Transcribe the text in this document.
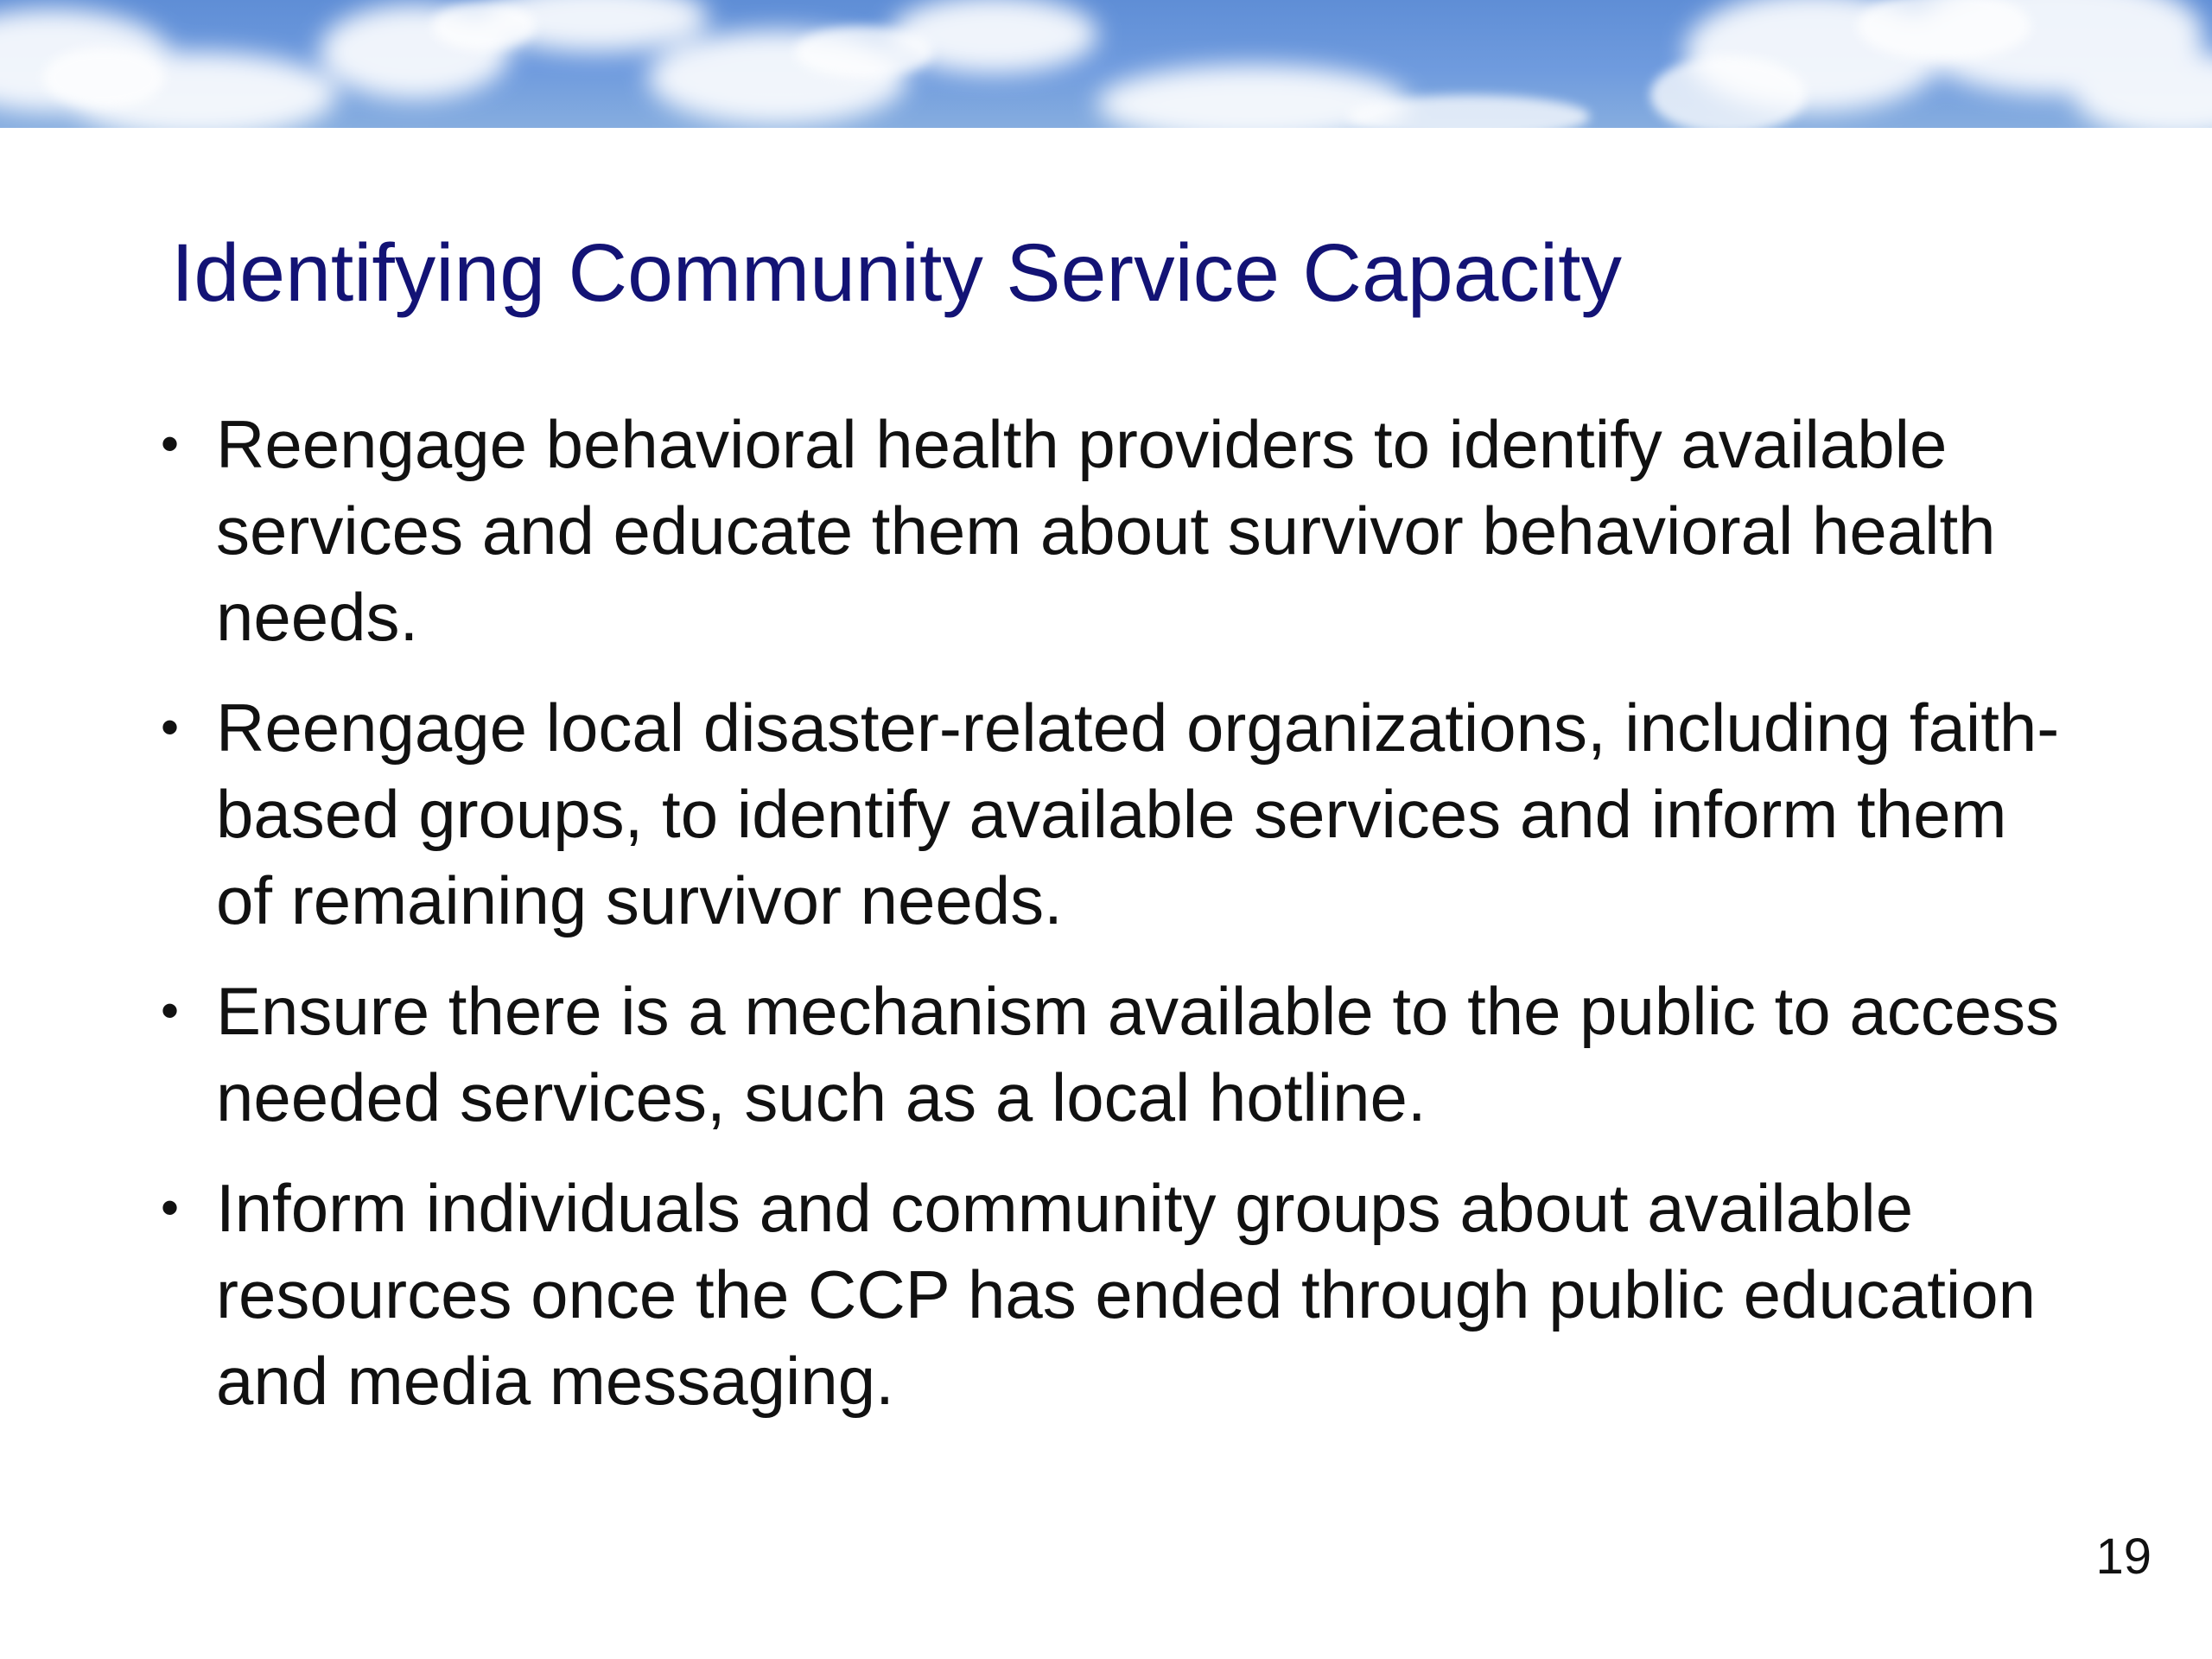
Identifying Community Service Capacity
• Reengage behavioral health providers to identify available services and educate them about survivor behavioral health needs.
• Reengage local disaster-related organizations, including faith-based groups, to identify available services and inform them of remaining survivor needs.
• Ensure there is a mechanism available to the public to access needed services, such as a local hotline.
• Inform individuals and community groups about available resources once the CCP has ended through public education and media messaging.
19
